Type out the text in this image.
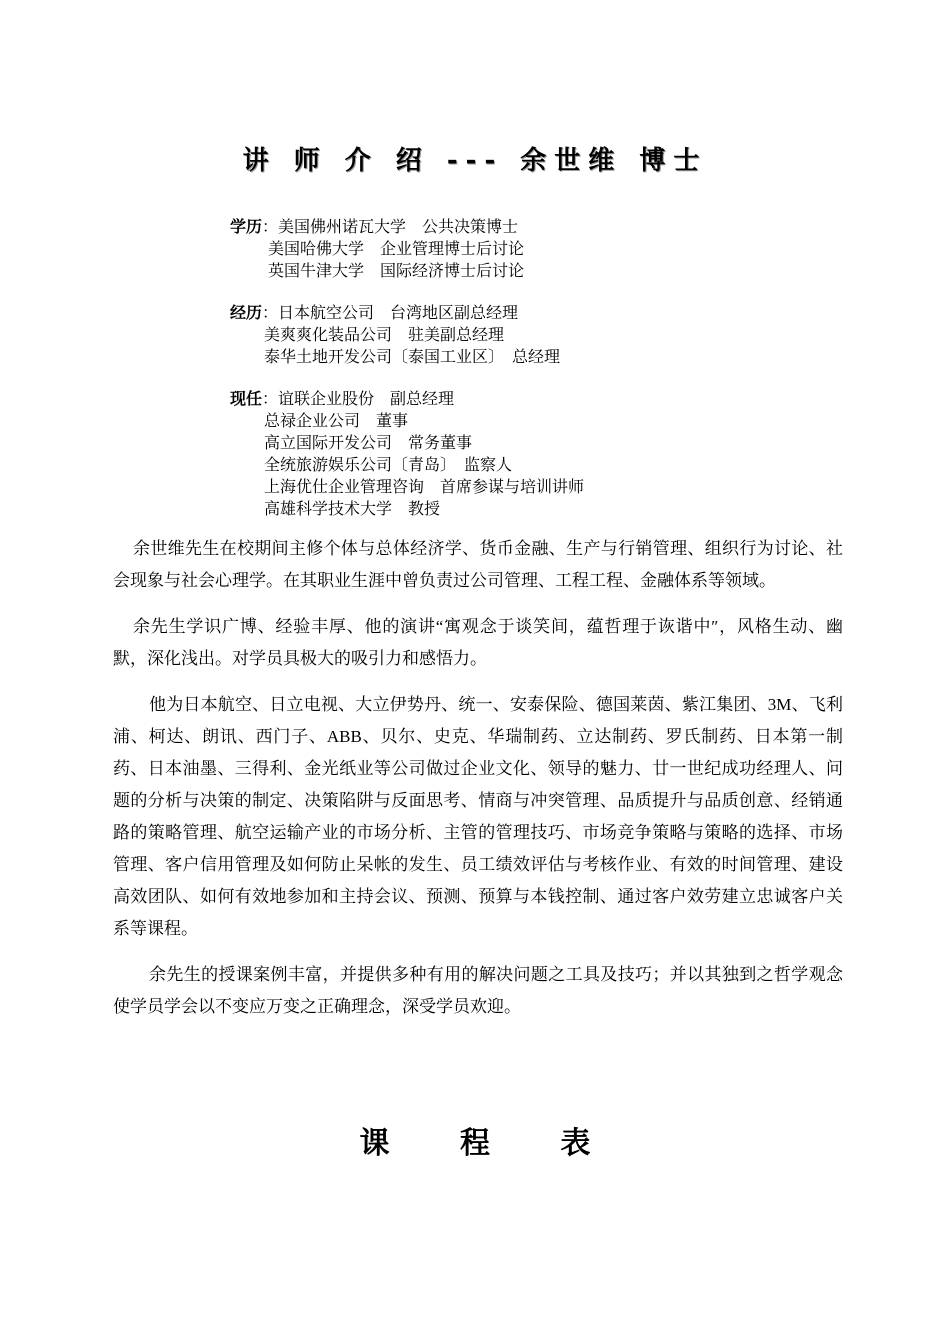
讲 师 介 绍 --- 余世维 博士
学历：美国佛州诺瓦大学　公共决策博士
美国哈佛大学　企业管理博士后讨论
英国牛津大学　国际经济博士后讨论
经历：日本航空公司　台湾地区副总经理
美爽爽化装品公司　驻美副总经理
泰华土地开发公司〔泰国工业区〕　总经理
现任：谊联企业股份　副总经理
总禄企业公司　董事
高立国际开发公司　常务董事
全统旅游娱乐公司〔青岛〕　监察人
上海优仕企业管理咨询　首席参谋与培训讲师
高雄科学技术大学　教授

余世维先生在校期间主修个体与总体经济学、货币金融、生产与行销管理、组织行为讨论、社会现象与社会心理学。在其职业生涯中曾负责过公司管理、工程工程、金融体系等领域。

余先生学识广博、经验丰厚、他的演讲“寓观念于谈笑间，蕴哲理于诙谐中″，风格生动、幽默，深化浅出。对学员具极大的吸引力和感悟力。

他为日本航空、日立电视、大立伊势丹、统一、安泰保险、德国莱茵、紫江集团、3M、飞利浦、柯达、朗讯、西门子、ABB、贝尔、史克、华瑞制药、立达制药、罗氏制药、日本第一制药、日本油墨、三得利、金光纸业等公司做过企业文化、领导的魅力、廿一世纪成功经理人、问题的分析与决策的制定、决策陷阱与反面思考、情商与冲突管理、品质提升与品质创意、经销通路的策略管理、航空运输产业的市场分析、主管的管理技巧、市场竞争策略与策略的选择、市场管理、客户信用管理及如何防止呆帐的发生、员工绩效评估与考核作业、有效的时间管理、建设高效团队、如何有效地参加和主持会议、预测、预算与本钱控制、通过客户效劳建立忠诚客户关系等课程。

余先生的授课案例丰富，并提供多种有用的解决问题之工具及技巧；并以其独到之哲学观念使学员学会以不变应万变之正确理念，深受学员欢迎。

课 程 表
